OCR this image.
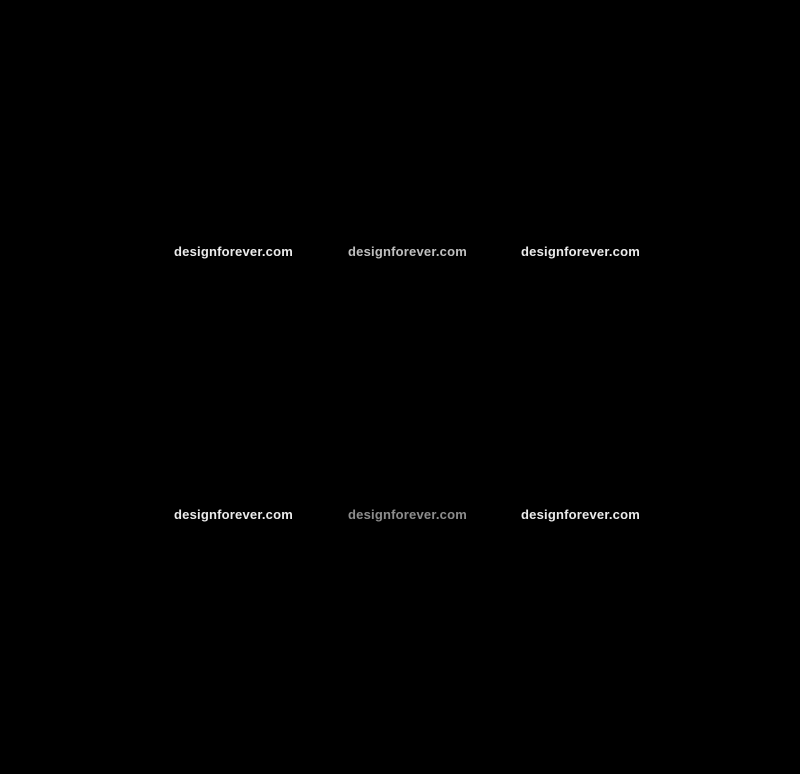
designforever.com	designforever.com	designforever.com
designforever.com	designforever.com	designforever.com
